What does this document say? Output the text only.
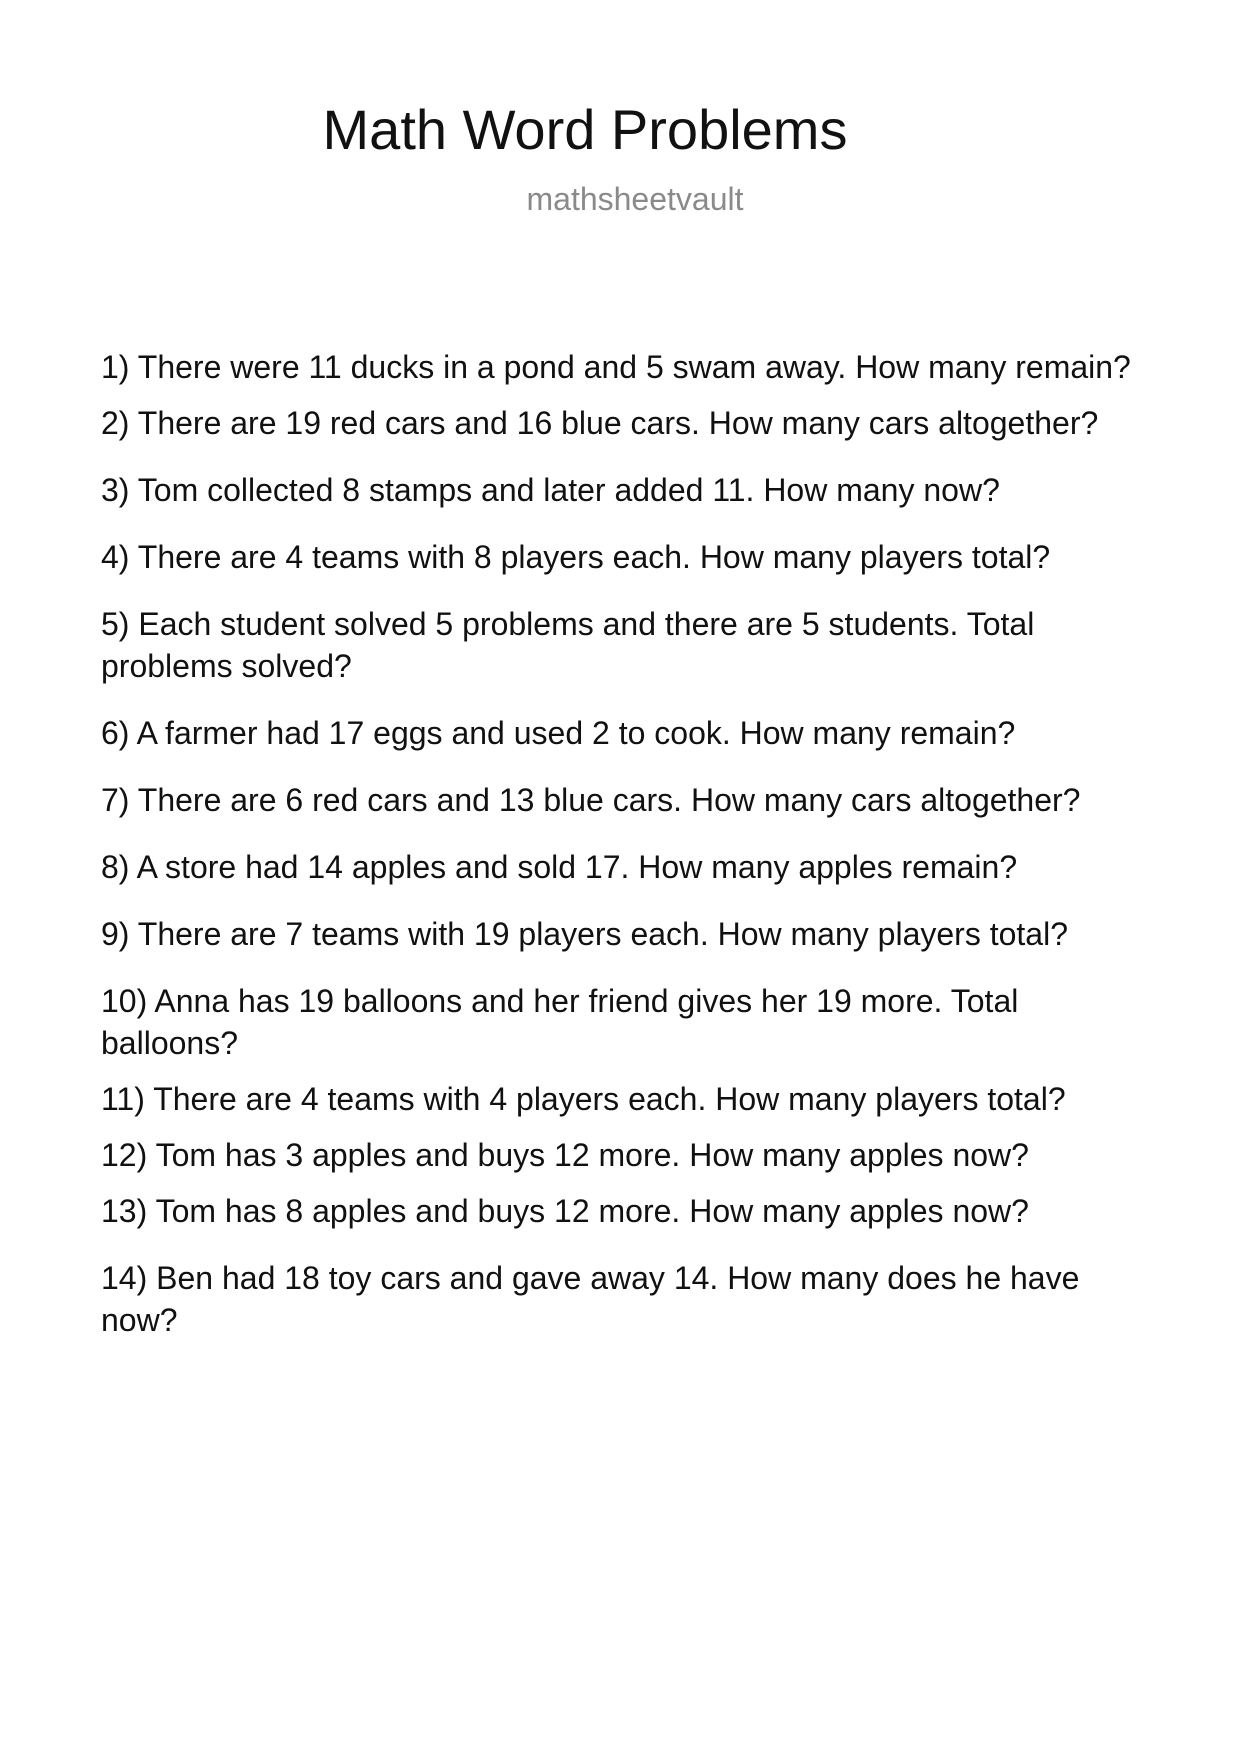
Math Word Problems
mathsheetvault
1) There were 11 ducks in a pond and 5 swam away. How many remain?
2) There are 19 red cars and 16 blue cars. How many cars altogether?
3) Tom collected 8 stamps and later added 11. How many now?
4) There are 4 teams with 8 players each. How many players total?
5) Each student solved 5 problems and there are 5 students. Total problems solved?
6) A farmer had 17 eggs and used 2 to cook. How many remain?
7) There are 6 red cars and 13 blue cars. How many cars altogether?
8) A store had 14 apples and sold 17. How many apples remain?
9) There are 7 teams with 19 players each. How many players total?
10) Anna has 19 balloons and her friend gives her 19 more. Total balloons?
11) There are 4 teams with 4 players each. How many players total?
12) Tom has 3 apples and buys 12 more. How many apples now?
13) Tom has 8 apples and buys 12 more. How many apples now?
14) Ben had 18 toy cars and gave away 14. How many does he have now?
